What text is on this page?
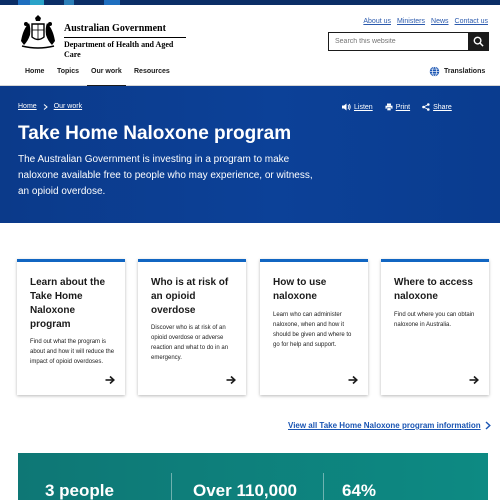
Australian Government
Department of Health and Aged Care
About us Ministers News Contact us
Search this website
Home Topics Our work Resources	Translations
Home Our work	Listen	Print	Share
Take Home Naloxone program

The Australian Government is investing in a program to make naloxone available free to people who may experience, or witness, an opioid overdose.

Learn about the Take Home Naloxone program
Find out what the program is about and how it will reduce the impact of opioid overdoses.
Who is at risk of an opioid overdose
Discover who is at risk of an opioid overdose or adverse reaction and what to do in an emergency.
How to use naloxone
Learn who can administer naloxone, when and how it should be given and where to go for help and support.
Where to access naloxone
Find out where you can obtain naloxone in Australia.
View all Take Home Naloxone program information
3 people	Over 110,000	64%
